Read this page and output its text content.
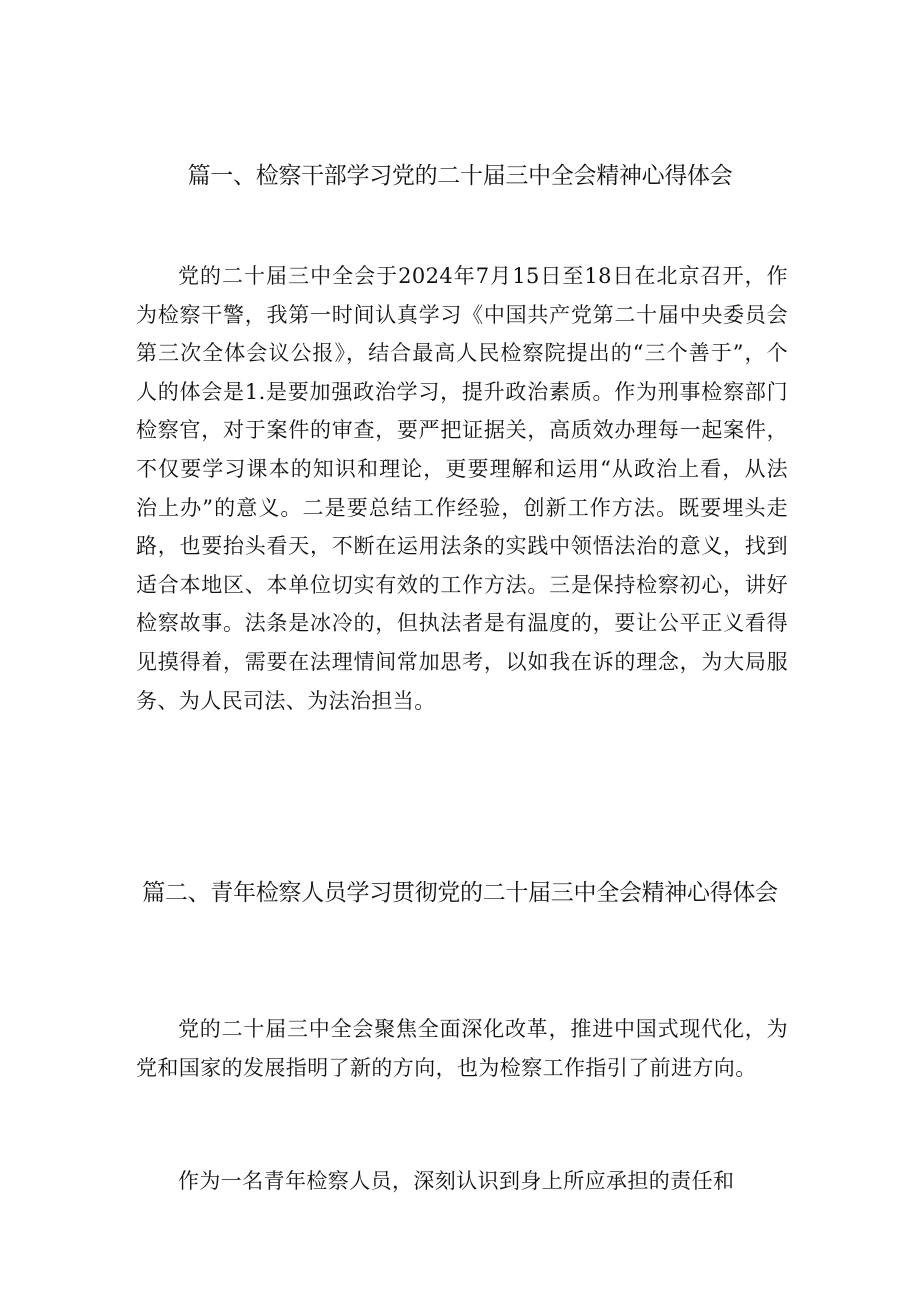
篇一、检察干部学习党的二十届三中全会精神心得体会

党的二十届三中全会于2024年7月15日至18日在北京召开，作为检察干警，我第一时间认真学习《中国共产党第二十届中央委员会第三次全体会议公报》，结合最高人民检察院提出的“三个善于”，个人的体会是1.是要加强政治学习，提升政治素质。作为刑事检察部门检察官，对于案件的审查，要严把证据关，高质效办理每一起案件，不仅要学习课本的知识和理论，更要理解和运用“从政治上看，从法治上办”的意义。二是要总结工作经验，创新工作方法。既要埋头走路，也要抬头看天，不断在运用法条的实践中领悟法治的意义，找到适合本地区、本单位切实有效的工作方法。三是保持检察初心，讲好检察故事。法条是冰冷的，但执法者是有温度的，要让公平正义看得见摸得着，需要在法理情间常加思考，以如我在诉的理念，为大局服务、为人民司法、为法治担当。

篇二、青年检察人员学习贯彻党的二十届三中全会精神心得体会

党的二十届三中全会聚焦全面深化改革，推进中国式现代化，为党和国家的发展指明了新的方向，也为检察工作指引了前进方向。

作为一名青年检察人员，深刻认识到身上所应承担的责任和
